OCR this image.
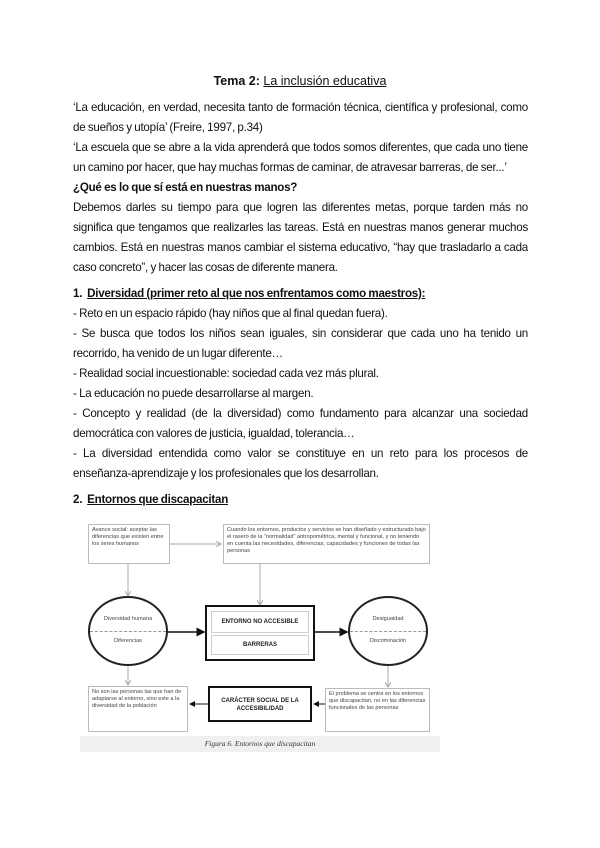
Tema 2: La inclusión educativa

‘La educación, en verdad, necesita tanto de formación técnica, científica y profesional, como de sueños y utopía’ (Freire, 1997, p.34)

‘La escuela que se abre a la vida aprenderá que todos somos diferentes, que cada uno tiene un camino por hacer, que hay muchas formas de caminar, de atravesar barreras, de ser...’

¿Qué es lo que sí está en nuestras manos?

Debemos darles su tiempo para que logren las diferentes metas, porque tarden más no significa que tengamos que realizarles las tareas. Está en nuestras manos generar muchos cambios. Está en nuestras manos cambiar el sistema educativo, “hay que trasladarlo a cada caso concreto”, y hacer las cosas de diferente manera.

1. Diversidad (primer reto al que nos enfrentamos como maestros):

- Reto en un espacio rápido (hay niños que al final quedan fuera).

- Se busca que todos los niños sean iguales, sin considerar que cada uno ha tenido un recorrido, ha venido de un lugar diferente…

- Realidad social incuestionable: sociedad cada vez más plural.

- La educación no puede desarrollarse al margen.

- Concepto y realidad (de la diversidad) como fundamento para alcanzar una sociedad democrática con valores de justicia, igualdad, tolerancia…

- La diversidad entendida como valor se constituye en un reto para los procesos de enseñanza-aprendizaje y los profesionales que los desarrollan.

2. Entornos que discapacitan

Avance social: aceptar las diferencias que existen entre los seres humanos
Cuando los entornos, productos y servicios se han diseñado y estructurado bajo el rasero de la “normalidad” antropométrica, mental y funcional, y no teniendo en cuenta las necesidades, diferencias, capacidades y funciones de todas las personas
Diversidad humana
Diferencias
ENTORNO NO ACCESIBLE
BARRERAS
Desigualdad
Discriminación
No son las personas las que han de adaptarse al entorno, sino este a la diversidad de la población
CARÁCTER SOCIAL DE LA ACCESIBILIDAD
El problema se centra en los entornos que discapacitan, no en las diferencias funcionales de las personas
Figura 6. Entornos que discapacitan
